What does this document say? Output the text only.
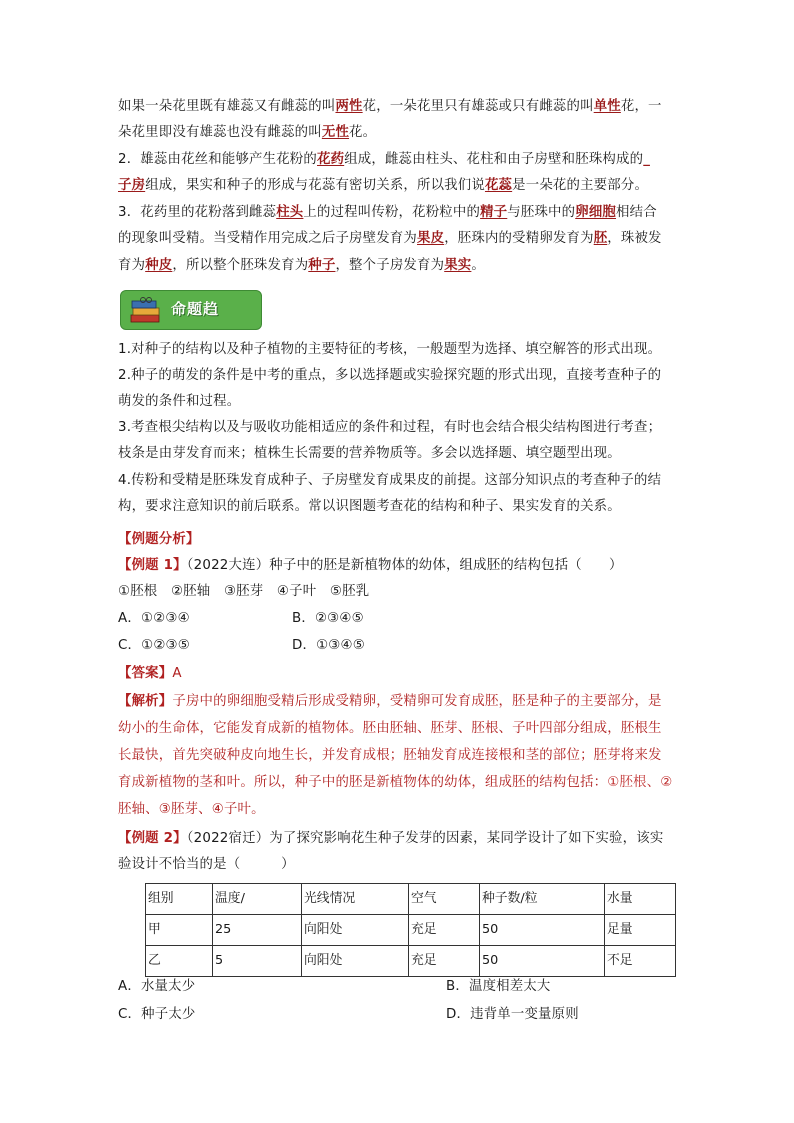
如果一朵花里既有雄蕊又有雌蕊的叫两性花，一朵花里只有雄蕊或只有雌蕊的叫单性花，一
朵花里即没有雄蕊也没有雌蕊的叫无性花。
2．雄蕊由花丝和能够产生花粉的花药组成，雌蕊由柱头、花柱和由子房壁和胚珠构成的_
子房组成，果实和种子的形成与花蕊有密切关系，所以我们说花蕊是一朵花的主要部分。
3．花药里的花粉落到雌蕊柱头上的过程叫传粉，花粉粒中的精子与胚珠中的卵细胞相结合
的现象叫受精。当受精作用完成之后子房壁发育为果皮，胚珠内的受精卵发育为胚，珠被发
育为种皮，所以整个胚珠发育为种子，整个子房发育为果实。
命题趋
1.对种子的结构以及种子植物的主要特征的考核，一般题型为选择、填空解答的形式出现。
2.种子的萌发的条件是中考的重点，多以选择题或实验探究题的形式出现，直接考查种子的
萌发的条件和过程。
3.考查根尖结构以及与吸收功能相适应的条件和过程，有时也会结合根尖结构图进行考查；
枝条是由芽发育而来；植株生长需要的营养物质等。多会以选择题、填空题型出现。
4.传粉和受精是胚珠发育成种子、子房壁发育成果皮的前提。这部分知识点的考查种子的结
构，要求注意知识的前后联系。常以识图题考查花的结构和种子、果实发育的关系。
【例题分析】
【例题 1】（2022大连）种子中的胚是新植物体的幼体，组成胚的结构包括（　　）
①胚根　②胚轴　③胚芽　④子叶　⑤胚乳
A．①②③④	B．②③④⑤
C．①②③⑤	D．①③④⑤
【答案】A
【解析】子房中的卵细胞受精后形成受精卵，受精卵可发育成胚，胚是种子的主要部分，是
幼小的生命体，它能发育成新的植物体。胚由胚轴、胚芽、胚根、子叶四部分组成，胚根生
长最快，首先突破种皮向地生长，并发育成根；胚轴发育成连接根和茎的部位；胚芽将来发
育成新植物的茎和叶。所以，种子中的胚是新植物体的幼体，组成胚的结构包括：①胚根、②
胚轴、③胚芽、④子叶。
【例题 2】（2022宿迁）为了探究影响花生种子发芽的因素，某同学设计了如下实验，该实
验设计不恰当的是（　　　）
组别	温度/	光线情况	空气	种子数/粒	水量
甲	25	向阳处	充足	50	足量
乙	5	向阳处	充足	50	不足
A．水量太少	B．温度相差太大
C．种子太少	D．违背单一变量原则
